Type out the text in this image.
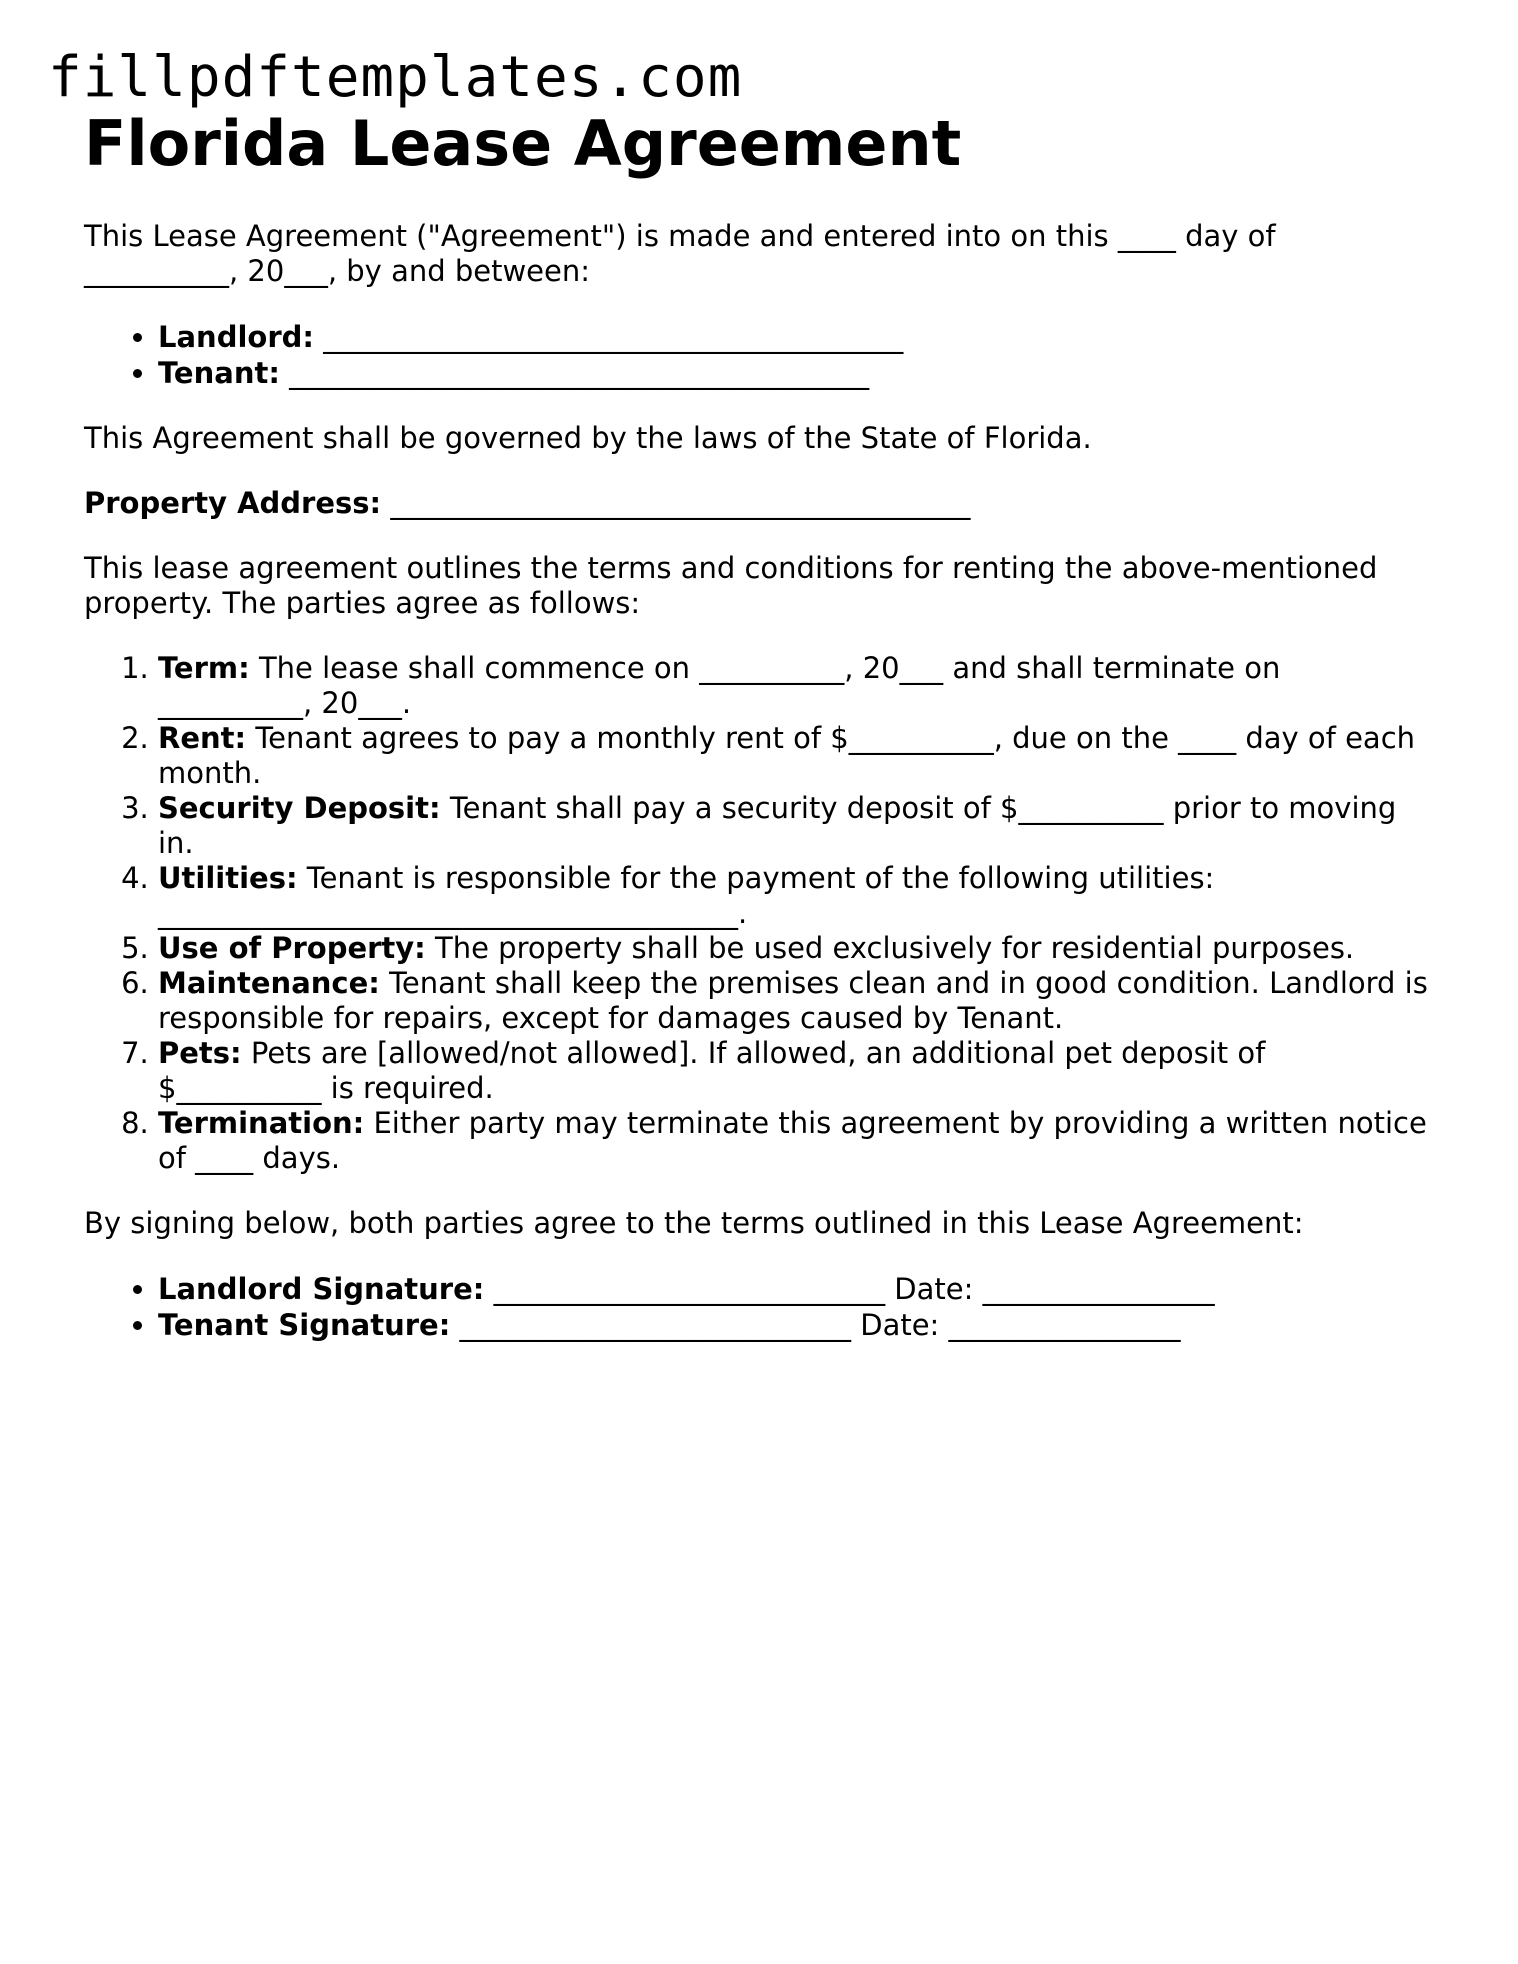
fillpdftemplates.com
Florida Lease Agreement

This Lease Agreement ("Agreement") is made and entered into on this ____ day of __________, 20___, by and between:

• Landlord: ________________________________________
• Tenant: ________________________________________

This Agreement shall be governed by the laws of the State of Florida.

Property Address: ________________________________________

This lease agreement outlines the terms and conditions for renting the above-mentioned property. The parties agree as follows:

1. Term: The lease shall commence on __________, 20___ and shall terminate on __________, 20___.
2. Rent: Tenant agrees to pay a monthly rent of $__________, due on the ____ day of each month.
3. Security Deposit: Tenant shall pay a security deposit of $__________ prior to moving in.
4. Utilities: Tenant is responsible for the payment of the following utilities: ________________________________________.
5. Use of Property: The property shall be used exclusively for residential purposes.
6. Maintenance: Tenant shall keep the premises clean and in good condition. Landlord is responsible for repairs, except for damages caused by Tenant.
7. Pets: Pets are [allowed/not allowed]. If allowed, an additional pet deposit of $__________ is required.
8. Termination: Either party may terminate this agreement by providing a written notice of ____ days.

By signing below, both parties agree to the terms outlined in this Lease Agreement:

• Landlord Signature: ___________________________ Date: ________________
• Tenant Signature: ___________________________ Date: ________________
